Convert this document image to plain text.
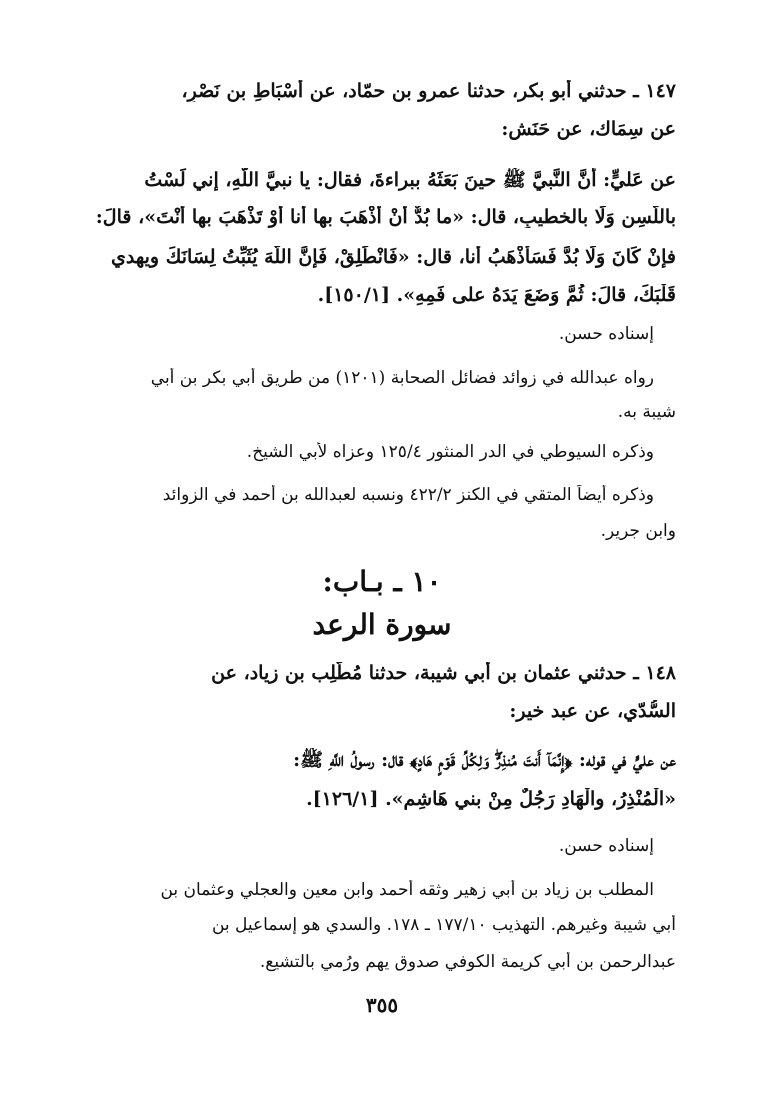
١٤٧ ـ حدثني أبو بكر، حدثنا عمرو بن حمّاد، عن أَسْبَاطِ بن نَصْرٍ،
عن سِمَاك، عن حَنَشٍ:
عن عَليٍّ: أَنَّ النَّبيَّ ﷺ حينَ بَعَثَهُ ببراءةَ، فقال: يا نبيَّ اللَّهِ، إني لَسْتُ
باللَّسِنِ وَلَا بالخطيبِ، قال: «ما بُدٌّ أَنْ أَذْهَبَ بها أنا أَوْ تَذْهَبَ بها أَنْتَ»، قالَ:
فإنْ كَانَ وَلَا بُدَّ فَسَأَذْهَبُ أنا، قال: «فَانْطَلِقْ، فَإِنَّ اللَّهَ يُثَبِّتُ لِسَانَكَ ويهدي
قَلْبَكَ، قالَ: ثُمَّ وَضَعَ يَدَهُ على فَمِهِ». [١٥٠/١].
إسناده حسن.
رواه عبدالله في زوائد فضائل الصحابة (١٢٠١) من طريق أبي بكر بن أبي
شيبة به.
وذكره السيوطي في الدر المنثور ١٢٥/٤ وعزاه لأبي الشيخ.
وذكره أيضاً المتقي في الكنز ٤٢٢/٢ ونسبه لعبدالله بن أحمد في الزوائد
وابن جرير.
١٠ ـ بـاب:
سورة الرعد
١٤٨ ـ حدثني عثمان بن أبي شيبة، حدثنا مُطَّلِب بن زياد، عن
السُّدّي، عن عبد خير:
عن عليٍّ في قوله: ﴿إِنَّمَآ أَنتَ مُنذِرٌۖ وَلِكُلِّ قَوۡمٍ هَادٍ﴾ قال: رسولُ اللَّهِ ﷺ:
«الْمُنْذِرُ، والْهَادِ رَجُلٌ مِنْ بني هَاشِم». [١٢٦/١].
إسناده حسن.
المطلب بن زياد بن أبي زهير وثقه أحمد وابن معين والعجلي وعثمان بن
أبي شيبة وغيرهم. التهذيب ١٧٧/١٠ ـ ١٧٨. والسدي هو إسماعيل بن
عبدالرحمن بن أبي كريمة الكوفي صدوق يهم ورُمي بالتشيع.
٣٥٥
